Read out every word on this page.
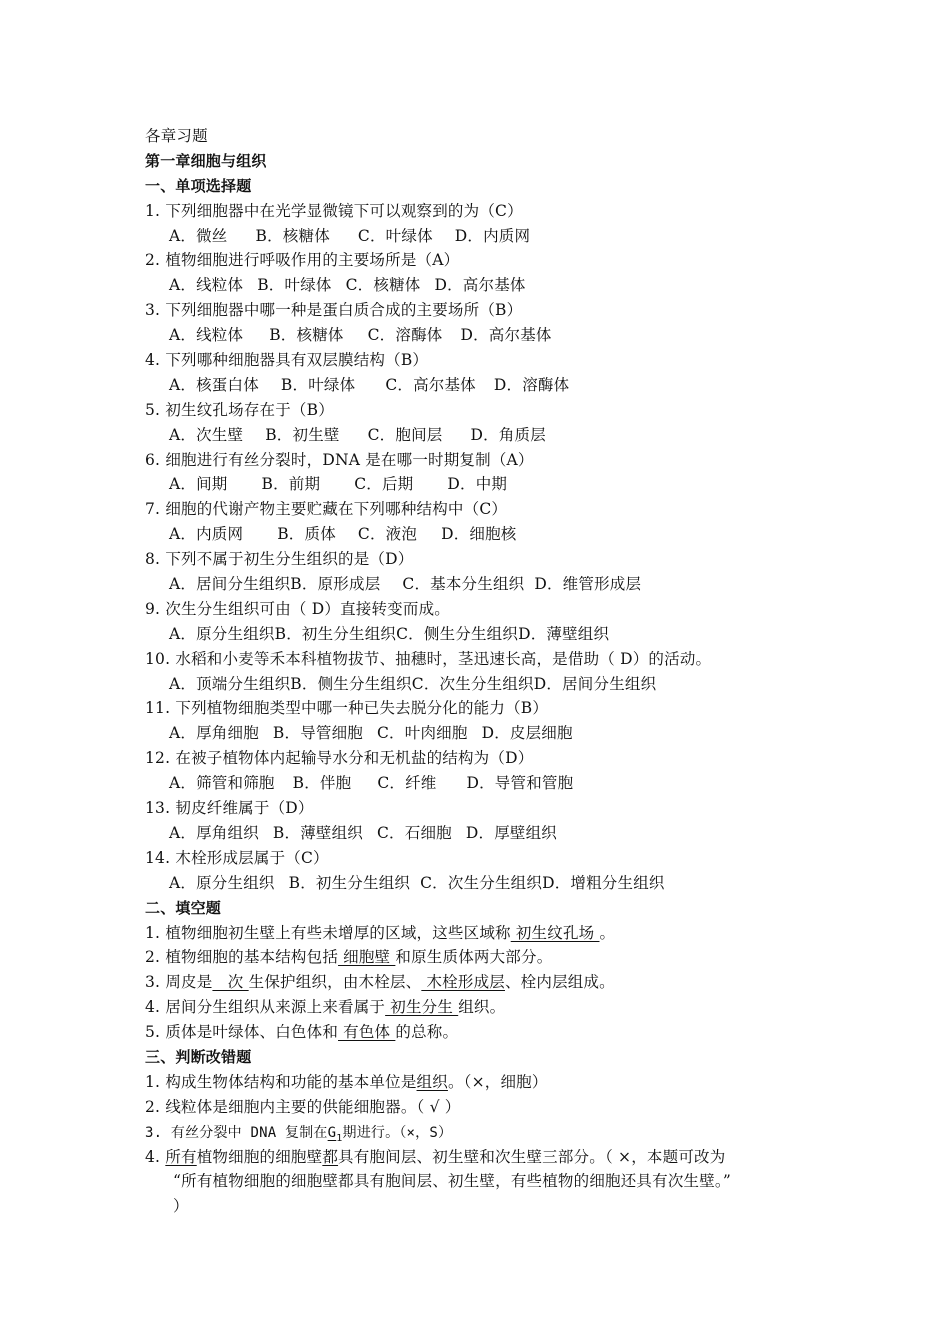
各章习题
第一章细胞与组织
一、单项选择题
1. 下列细胞器中在光学显微镜下可以观察到的为（C）
A．微丝 B．核糖体 C．叶绿体 D．内质网
2. 植物细胞进行呼吸作用的主要场所是（A）
A．线粒体 B．叶绿体 C．核糖体 D．高尔基体
3. 下列细胞器中哪一种是蛋白质合成的主要场所（B）
A．线粒体 B．核糖体 C．溶酶体 D．高尔基体
4. 下列哪种细胞器具有双层膜结构（B）
A．核蛋白体 B．叶绿体 C．高尔基体 D．溶酶体
5. 初生纹孔场存在于（B）
A．次生壁 B．初生壁 C．胞间层 D．角质层
6. 细胞进行有丝分裂时，DNA 是在哪一时期复制（A）
A．间期 B．前期 C．后期 D．中期
7. 细胞的代谢产物主要贮藏在下列哪种结构中（C）
A．内质网 B．质体 C．液泡 D．细胞核
8. 下列不属于初生分生组织的是（D）
A．居间分生组织B．原形成层 C．基本分生组织 D．维管形成层
9. 次生分生组织可由（ D）直接转变而成。
A．原分生组织B．初生分生组织C．侧生分生组织D．薄壁组织
10. 水稻和小麦等禾本科植物拔节、抽穗时，茎迅速长高，是借助（ D）的活动。
A．顶端分生组织B．侧生分生组织C．次生分生组织D．居间分生组织
11. 下列植物细胞类型中哪一种已失去脱分化的能力（B）
A．厚角细胞 B．导管细胞 C．叶肉细胞 D．皮层细胞
12. 在被子植物体内起输导水分和无机盐的结构为（D）
A．筛管和筛胞 B．伴胞 C．纤维 D．导管和管胞
13. 韧皮纤维属于（D）
A．厚角组织 B．薄壁组织 C．石细胞 D．厚壁组织
14. 木栓形成层属于（C）
A．原分生组织 B．初生分生组织 C．次生分生组织D．增粗分生组织
二、填空题
1. 植物细胞初生壁上有些未增厚的区域，这些区域称 初生纹孔场 。
2. 植物细胞的基本结构包括 细胞壁 和原生质体两大部分。
3. 周皮是   次 生保护组织，由木栓层、 木栓形成层、栓内层组成。
4. 居间分生组织从来源上来看属于 初生分生 组织。
5. 质体是叶绿体、白色体和 有色体 的总称。
三、判断改错题
1. 构成生物体结构和功能的基本单位是组织。（×，细胞）
2. 线粒体是细胞内主要的供能细胞器。（ √ ）
3. 有丝分裂中 DNA 复制在$G_1$期进行。（×，S）
4. 所有植物细胞的细胞壁都具有胞间层、初生壁和次生壁三部分。（ ×，本题可改为
“所有植物细胞的细胞壁都具有胞间层、初生壁，有些植物的细胞还具有次生壁。”
）
